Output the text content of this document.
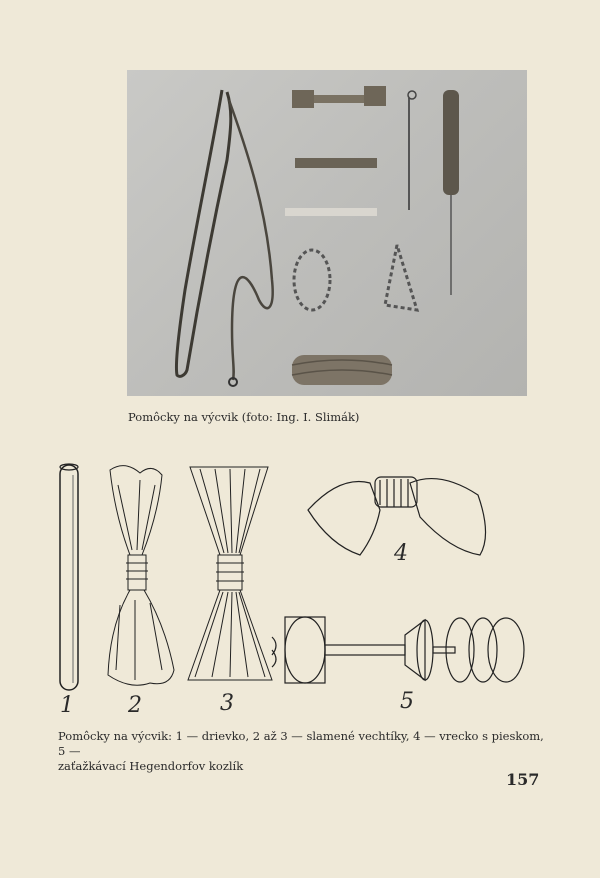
Pomôcky na výcvik (foto: Ing. I. Slimák)
1 2	3
4
5
Pomôcky na výcvik: 1 — drievko, 2 až 3 — slamené vechtíky, 4 — vrecko s pieskom, 5 —
zaťažkávací Hegendorfov kozlík
157
